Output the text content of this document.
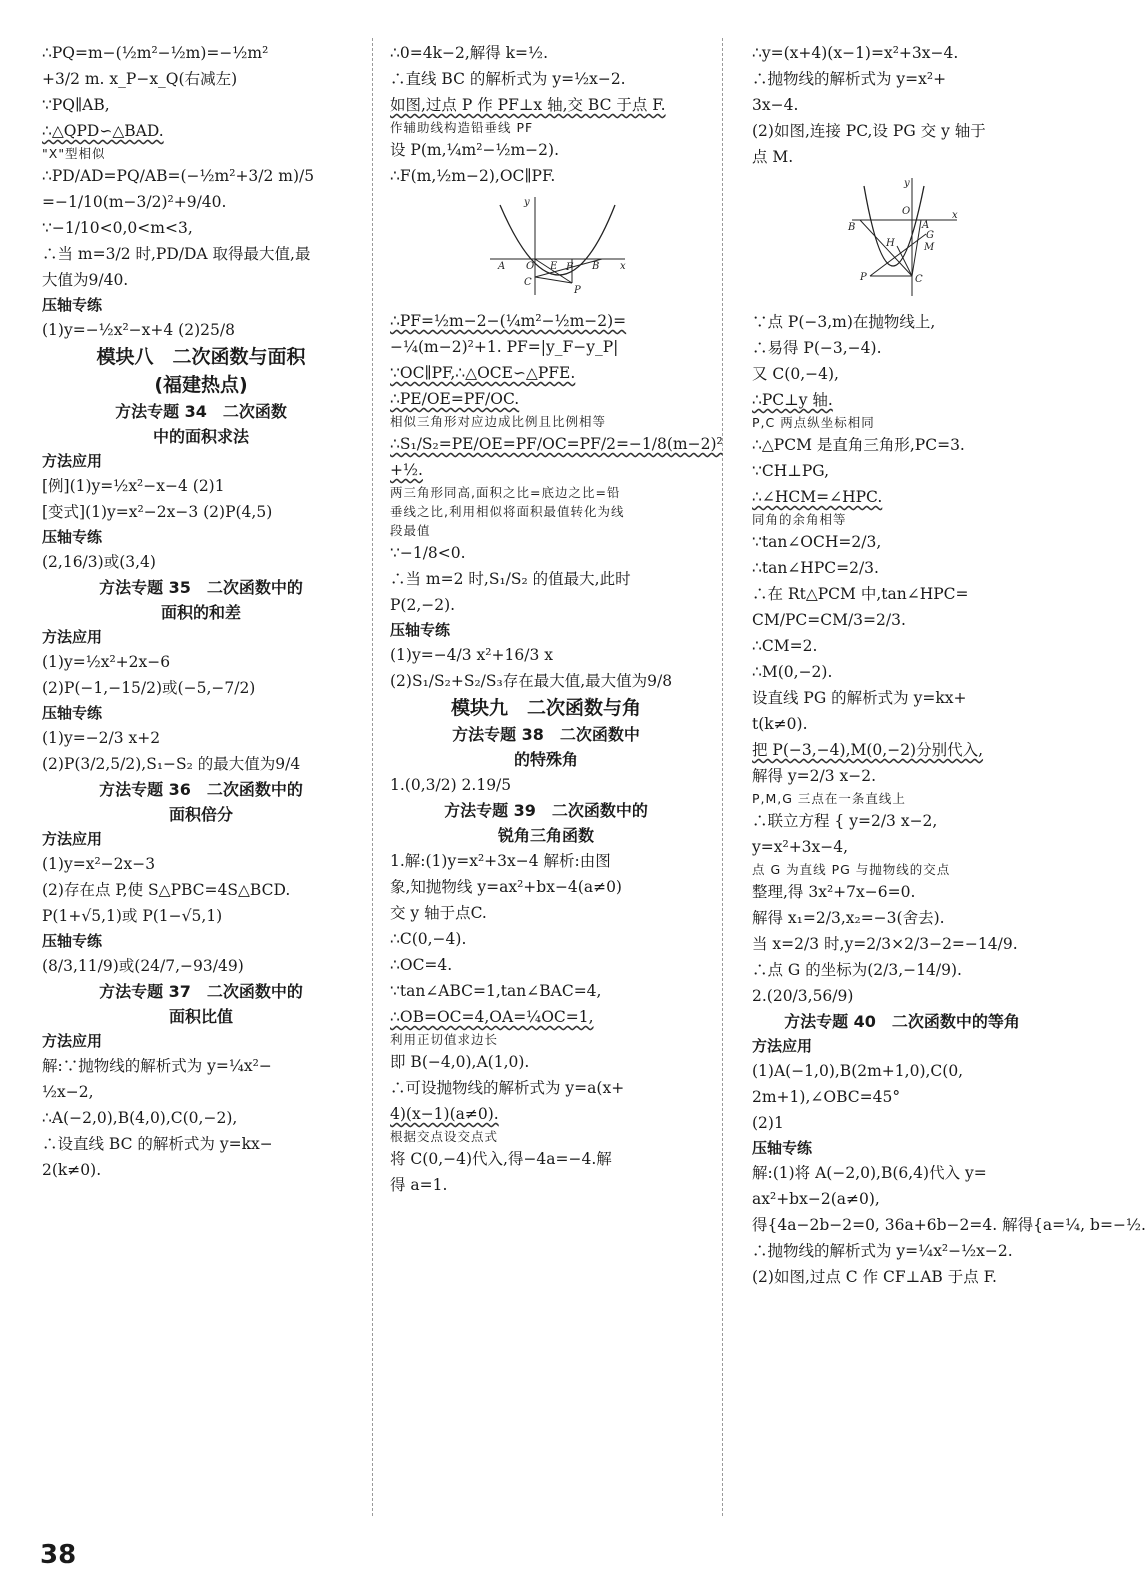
∴PQ=m−(½m²−½m)=−½m²
+3/2 m. x_P−x_Q(右减左)
∵PQ∥AB,
∴△QPD∽△BAD.
"X"型相似
∴PD/AD=PQ/AB=(−½m²+3/2 m)/5
=−1/10(m−3/2)²+9/40.
∵−1/10<0,0<m<3,
∴当 m=3/2 时,PD/DA 取得最大值,最
大值为9/40.
压轴专练
(1)y=−½x²−x+4 (2)25/8
模块八　二次函数与面积
(福建热点)
方法专题 34　二次函数
中的面积求法
方法应用
[例](1)y=½x²−x−4 (2)1
[变式](1)y=x²−2x−3 (2)P(4,5)
压轴专练
(2,16/3)或(3,4)
方法专题 35　二次函数中的
面积的和差
方法应用
(1)y=½x²+2x−6
(2)P(−1,−15/2)或(−5,−7/2)
压轴专练
(1)y=−2/3 x+2
(2)P(3/2,5/2),S₁−S₂ 的最大值为9/4
方法专题 36　二次函数中的
面积倍分
方法应用
(1)y=x²−2x−3
(2)存在点 P,使 S△PBC=4S△BCD.
P(1+√5,1)或 P(1−√5,1)
压轴专练
(8/3,11/9)或(24/7,−93/49)
方法专题 37　二次函数中的
面积比值
方法应用
解:∵抛物线的解析式为 y=¼x²−
½x−2,
∴A(−2,0),B(4,0),C(0,−2),
∴设直线 BC 的解析式为 y=kx−
2(k≠0).
∴0=4k−2,解得 k=½.
∴直线 BC 的解析式为 y=½x−2.
如图,过点 P 作 PF⊥x 轴,交 BC 于点 F.
作辅助线构造铅垂线 PF
设 P(m,¼m²−½m−2).
∴F(m,½m−2),OC∥PF.
y
x
A O E F B
C
P
∴PF=½m−2−(¼m²−½m−2)=
−¼(m−2)²+1. PF=|y_F−y_P|
∵OC∥PF,∴△OCE∽△PFE.
∴PE/OE=PF/OC.
相似三角形对应边成比例且比例相等
∴S₁/S₂=PE/OE=PF/OC=PF/2=−1/8(m−2)²
+½.
两三角形同高,面积之比=底边之比=铅
垂线之比,利用相似将面积最值转化为线
段最值
∵−1/8<0.
∴当 m=2 时,S₁/S₂ 的值最大,此时
P(2,−2).
压轴专练
(1)y=−4/3 x²+16/3 x
(2)S₁/S₂+S₂/S₃存在最大值,最大值为9/8
模块九　二次函数与角
方法专题 38　二次函数中
的特殊角
1.(0,3/2) 2.19/5
方法专题 39　二次函数中的
锐角三角函数
1.解:(1)y=x²+3x−4 解析:由图
象,知抛物线 y=ax²+bx−4(a≠0)
交 y 轴于点C.
∴C(0,−4).
∴OC=4.
∵tan∠ABC=1,tan∠BAC=4,
∴OB=OC=4,OA=¼OC=1,
利用正切值求边长
即 B(−4,0),A(1,0).
∴可设抛物线的解析式为 y=a(x+
4)(x−1)(a≠0).
根据交点设交点式
将 C(0,−4)代入,得−4a=−4.解
得 a=1.
∴y=(x+4)(x−1)=x²+3x−4.
∴抛物线的解析式为 y=x²+
3x−4.
(2)如图,连接 PC,设 PG 交 y 轴于
点 M.
y
x
O
B	A
G
H	M
P	C
∵点 P(−3,m)在抛物线上,
∴易得 P(−3,−4).
又 C(0,−4),
∴PC⊥y 轴.
P,C 两点纵坐标相同
∴△PCM 是直角三角形,PC=3.
∵CH⊥PG,
∴∠HCM=∠HPC.
同角的余角相等
∵tan∠OCH=2/3,
∴tan∠HPC=2/3.
∴在 Rt△PCM 中,tan∠HPC=
CM/PC=CM/3=2/3.
∴CM=2.
∴M(0,−2).
设直线 PG 的解析式为 y=kx+
t(k≠0).
把 P(−3,−4),M(0,−2)分别代入,
解得 y=2/3 x−2.
P,M,G 三点在一条直线上
∴联立方程 { y=2/3 x−2,
y=x²+3x−4,
点 G 为直线 PG 与抛物线的交点
整理,得 3x²+7x−6=0.
解得 x₁=2/3,x₂=−3(舍去).
当 x=2/3 时,y=2/3×2/3−2=−14/9.
∴点 G 的坐标为(2/3,−14/9).
2.(20/3,56/9)
方法专题 40　二次函数中的等角
方法应用
(1)A(−1,0),B(2m+1,0),C(0,
2m+1),∠OBC=45°
(2)1
压轴专练
解:(1)将 A(−2,0),B(6,4)代入 y=
ax²+bx−2(a≠0),
得{4a−2b−2=0, 36a+6b−2=4. 解得{a=¼, b=−½.
∴抛物线的解析式为 y=¼x²−½x−2.
(2)如图,过点 C 作 CF⊥AB 于点 F.
38
